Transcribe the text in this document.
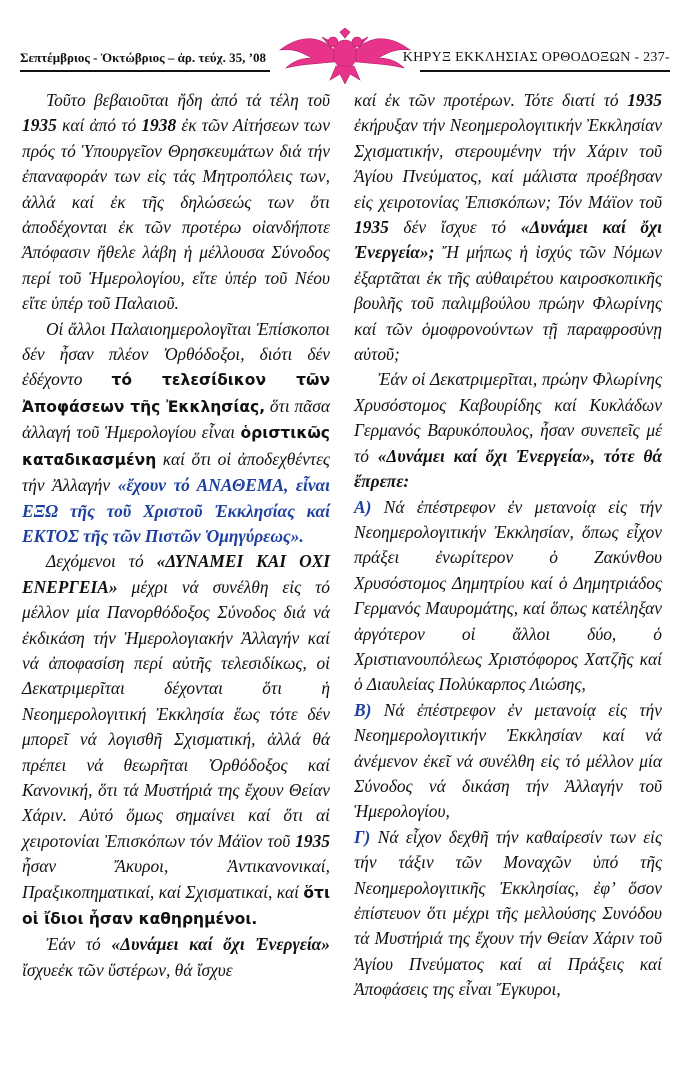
Σεπτέμβριος - Ὀκτώβριος – ἀρ. τεύχ. 35, ’08	ΚΗΡΥΞ ΕΚΚΛΗΣΙΑΣ ΟΡΘΟΔΟΞΩΝ - 237-

Τοῦτο βεβαιοῦται ἤδη ἀπό τά τέλη τοῦ 1935 καί ἀπό τό 1938 ἐκ τῶν Αἰτήσεων των πρός τό Ὑπουργεῖον Θρησκευμάτων διά τήν ἐπαναφοράν των εἰς τάς Μητροπόλεις των, ἀλλά καί ἐκ τῆς δηλώσεώς των ὅτι ἀποδέχονται ἐκ τῶν προτέρω οἱανδήποτε Ἀπόφασιν ἤθελε λάβη ἡ μέλλουσα Σύνοδος περί τοῦ Ἡμερολογίου, εἴτε ὑπέρ τοῦ Νέου εἴτε ὑπέρ τοῦ Παλαιοῦ.

Οἱ ἄλλοι Παλαιοημερολογῖται Ἐπίσκοποι δέν ἦσαν πλέον Ὀρθόδοξοι, διότι δέν ἐδέχοντο τό τελεσίδικον τῶν Ἀποφάσεων τῆς Ἐκκλησίας, ὅτι πᾶσα ἀλλαγή τοῦ Ἡμερολογίου εἶναι ὁριστικῶς καταδικασμένη καί ὅτι οἱ ἀποδεχθέντες τήν Ἀλλαγήν «ἔχουν τό ΑΝΑΘΕΜΑ, εἶναι ΕΞΩ τῆς τοῦ Χριστοῦ Ἐκκλησίας καί ΕΚΤΟΣ τῆς τῶν Πιστῶν Ὁμηγύρεως».

Δεχόμενοι τό «ΔΥΝΑΜΕΙ ΚΑΙ ΟΧΙ ΕΝΕΡΓΕΙΑ» μέχρι νά συνέλθη εἰς τό μέλλον μία Πανορθόδοξος Σύνοδος διά νά ἐκδικάση τήν Ἡμερολογιακήν Ἀλλαγήν καί νά ἀποφασίση περί αὐτῆς τελεσιδίκως, οἱ Δεκατριμερῖται δέχονται ὅτι ἡ Νεοημερολογιτική Ἐκκλησία ἕως τότε δέν μπορεῖ νά λογισθῆ Σχισματική, ἀλλά θά πρέπει νά θεωρῆται Ὀρθόδοξος καί Κανονική, ὅτι τά Μυστήριά της ἔχουν Θείαν Χάριν. Αὐτό ὅμως σημαίνει καί ὅτι αἱ χειροτονίαι Ἐπισκόπων τόν Μάϊον τοῦ 1935 ἦσαν Ἄκυροι, Ἀντικανονικαί, Πραξικοπηματικαί, καί Σχισματικαί, καί ὅτι οἱ ἴδιοι ἦσαν καθηρημένοι.

Ἐάν τό «Δυνάμει καί ὄχι Ἐνεργεία» ἴσχυεἐκ τῶν ὕστέρων, θά ἴσχυε

καί ἐκ τῶν προτέρων. Τότε διατί τό 1935 ἐκήρυξαν τήν Νεοημερολογιτικήν Ἐκκλησίαν Σχισματικήν, στερουμένην τήν Χάριν τοῦ Ἁγίου Πνεύματος, καί μάλιστα προέβησαν εἰς χειροτονίας Ἐπισκόπων; Τόν Μάϊον τοῦ 1935 δέν ἴσχυε τό «Δυνάμει καί ὄχι Ἐνεργεία»; Ἤ μήπως ἡ ἰσχύς τῶν Νόμων ἐξαρτᾶται ἐκ τῆς αὐθαιρέτου καιροσκοπικῆς βουλῆς τοῦ παλιμβούλου πρώην Φλωρίνης καί τῶν ὁμοφρονούντων τῇ παραφροσύνῃ αὐτοῦ;

Ἐάν οἱ Δεκατριμερῖται, πρώην Φλωρίνης Χρυσόστομος Καβουρίδης καί Κυκλάδων Γερμανός Βαρυκόπουλος, ἦσαν συνεπεῖς μέ τό «Δυνάμει καί ὄχι Ἐνεργεία», τότε θά ἔπρεπε:

Α) Νά ἐπέστρεφον ἐν μετανοίᾳ εἰς τήν Νεοημερολογιτικήν Ἐκκλησίαν, ὅπως εἶχον πράξει ἐνωρίτερον ὁ Ζακύνθου Χρυσόστομος Δημητρίου καί ὁ Δημητριάδος Γερμανός Μαυρομάτης, καί ὅπως κατέληξαν ἀργότερον οἱ ἄλλοι δύο, ὁ Χριστιανουπόλεως Χριστόφορος Χατζῆς καί ὁ Διαυλείας Πολύκαρπος Λιώσης,

Β) Νά ἐπέστρεφον ἐν μετανοίᾳ εἰς τήν Νεοημερολογιτικήν Ἐκκλησίαν καί νά ἀνέμενον ἐκεῖ νά συνέλθη εἰς τό μέλλον μία Σύνοδος νά δικάση τήν Ἀλλαγήν τοῦ Ἡμερολογίου,

Γ) Νά εἶχον δεχθῆ τήν καθαίρεσίν των εἰς τήν τάξιν τῶν Μοναχῶν ὑπό τῆς Νεοημερολογιτικῆς Ἐκκλησίας, ἐφ’ ὅσον ἐπίστευον ὅτι μέχρι τῆς μελλούσης Συνόδου τά Μυστήριά της ἔχουν τήν Θείαν Χάριν τοῦ Ἁγίου Πνεύματος καί αἱ Πράξεις καί Ἀποφάσεις της εἶναι Ἔγκυροι,
